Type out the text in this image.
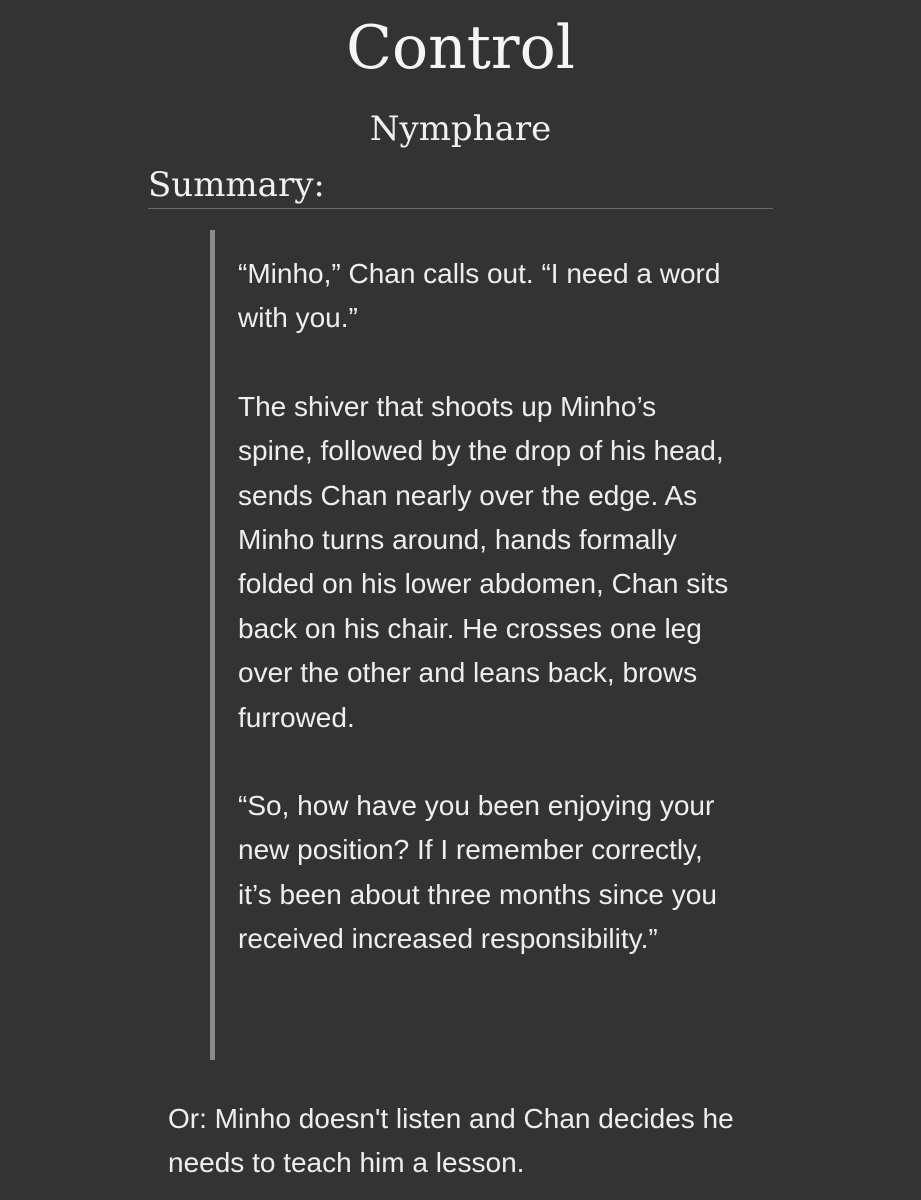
Control
Nymphare
Summary:

“Minho,” Chan calls out. “I need a word with you.”

The shiver that shoots up Minho’s spine, followed by the drop of his head, sends Chan nearly over the edge. As Minho turns around, hands formally folded on his lower abdomen, Chan sits back on his chair. He crosses one leg over the other and leans back, brows furrowed.

“So, how have you been enjoying your new position? If I remember correctly, it’s been about three months since you received increased responsibility.”

Or: Minho doesn't listen and Chan decides he needs to teach him a lesson.
